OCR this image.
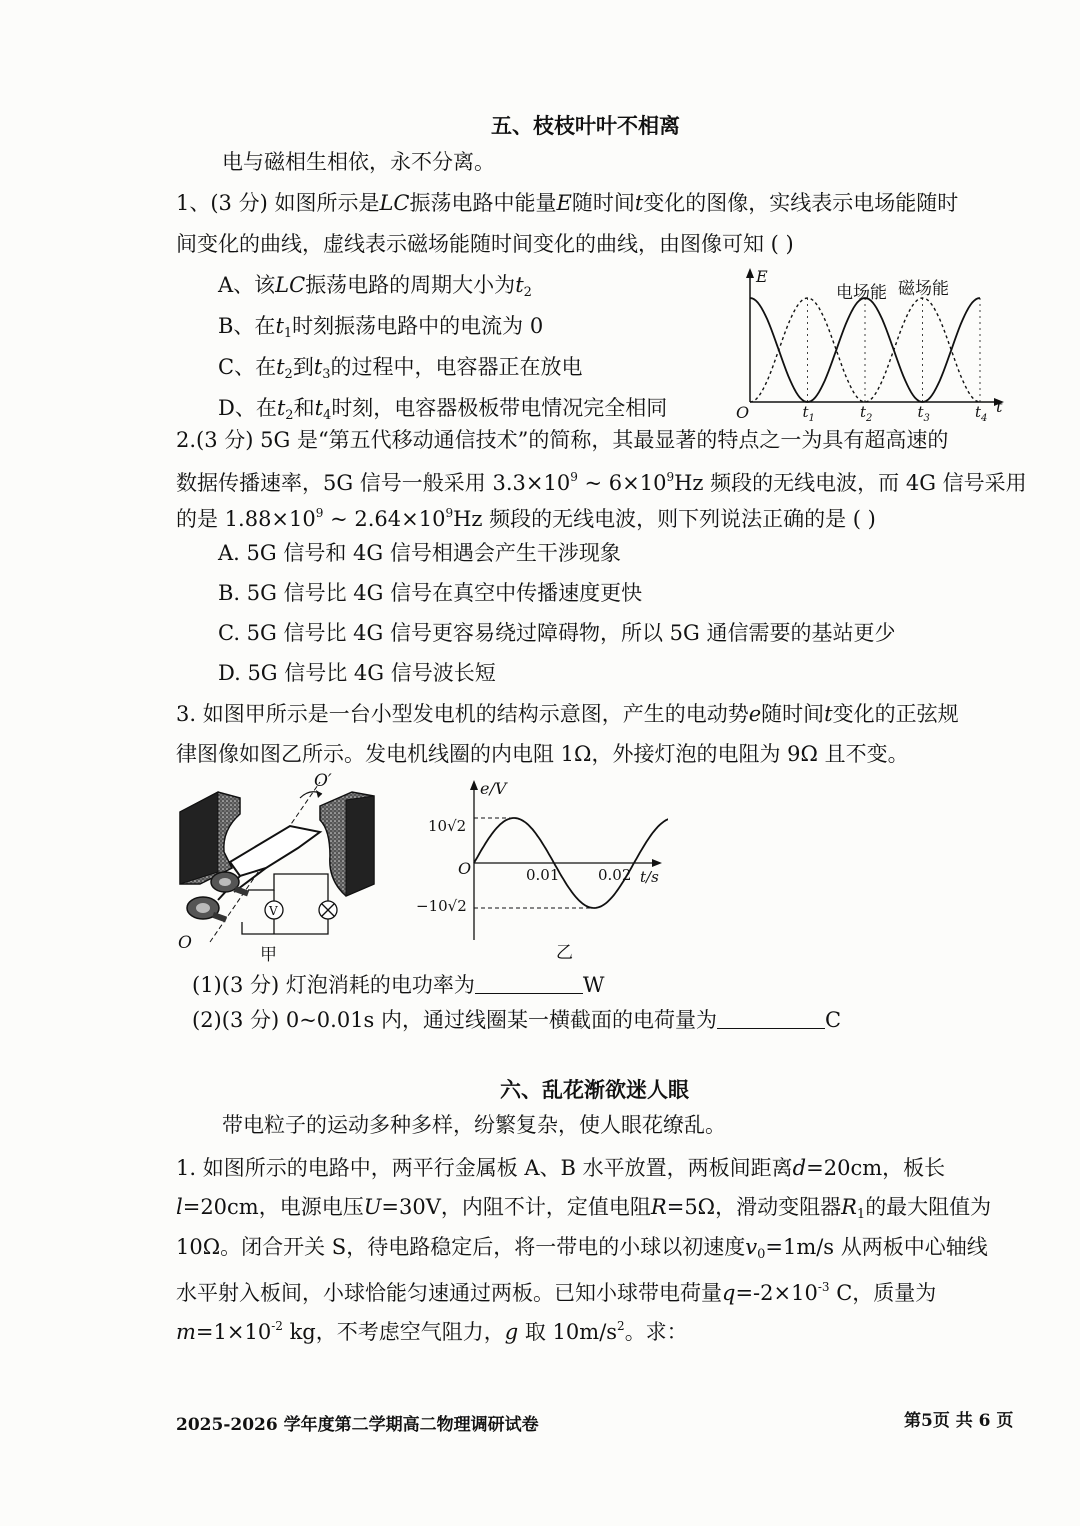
五、枝枝叶叶不相离
电与磁相生相依，永不分离。
1、(3 分) 如图所示是LC振荡电路中能量E随时间t变化的图像，实线表示电场能随时
间变化的曲线，虚线表示磁场能随时间变化的曲线，由图像可知 ( )
A、该LC振荡电路的周期大小为$t_2$
B、在$t_1$时刻振荡电路中的电流为 0
C、在$t_2$到$t_3$的过程中，电容器正在放电
D、在$t_2$和$t_4$时刻，电容器极板带电情况完全相同
E
t
O
电场能 磁场能
$t_1$	$t_2$	$t_3$	$t_4$
2.(3 分) 5G 是“第五代移动通信技术”的简称，其最显著的特点之一为具有超高速的
数据传播速率，5G 信号一般采用 $3.3\times 10^9$ ~ $6\times 10^9Hz$ 频段的无线电波，而 4G 信号采用
的是 $1.88\times 10^9$ ~ $2.64\times 10^9Hz$ 频段的无线电波，则下列说法正确的是 ( )
A. 5G 信号和 4G 信号相遇会产生干涉现象
B. 5G 信号比 4G 信号在真空中传播速度更快
C. 5G 信号比 4G 信号更容易绕过障碍物，所以 5G 通信需要的基站更少
D. 5G 信号比 4G 信号波长短
3. 如图甲所示是一台小型发电机的结构示意图，产生的电动势e随时间t变化的正弦规
律图像如图乙所示。发电机线圈的内电阻 1Ω，外接灯泡的电阻为 9Ω 且不变。
O′
V
O
甲
e/V
t/s
O
10√2
−10√2
0.01	0.02
乙
(1)(3 分) 灯泡消耗的电功率为	W
(2)(3 分) 0~0.01s 内，通过线圈某一横截面的电荷量为	C
六、乱花渐欲迷人眼
带电粒子的运动多种多样，纷繁复杂，使人眼花缭乱。
1. 如图所示的电路中，两平行金属板 A、B 水平放置，两板间距离d=20cm，板长
l=20cm，电源电压U=30V，内阻不计，定值电阻R=5Ω，滑动变阻器$R_1$的最大阻值为
10Ω。闭合开关 S，待电路稳定后，将一带电的小球以初速度$v_0=1m/s$ 从两板中心轴线
水平射入板间，小球恰能匀速通过两板。已知小球带电荷量$q=-2\times 10^{-3}$ C，质量为
$m=1\times 10^{-2}$ kg，不考虑空气阻力，g 取 $10m/s^2$。求：
2025-2026 学年度第二学期高二物理调研试卷	第5页 共 6 页
